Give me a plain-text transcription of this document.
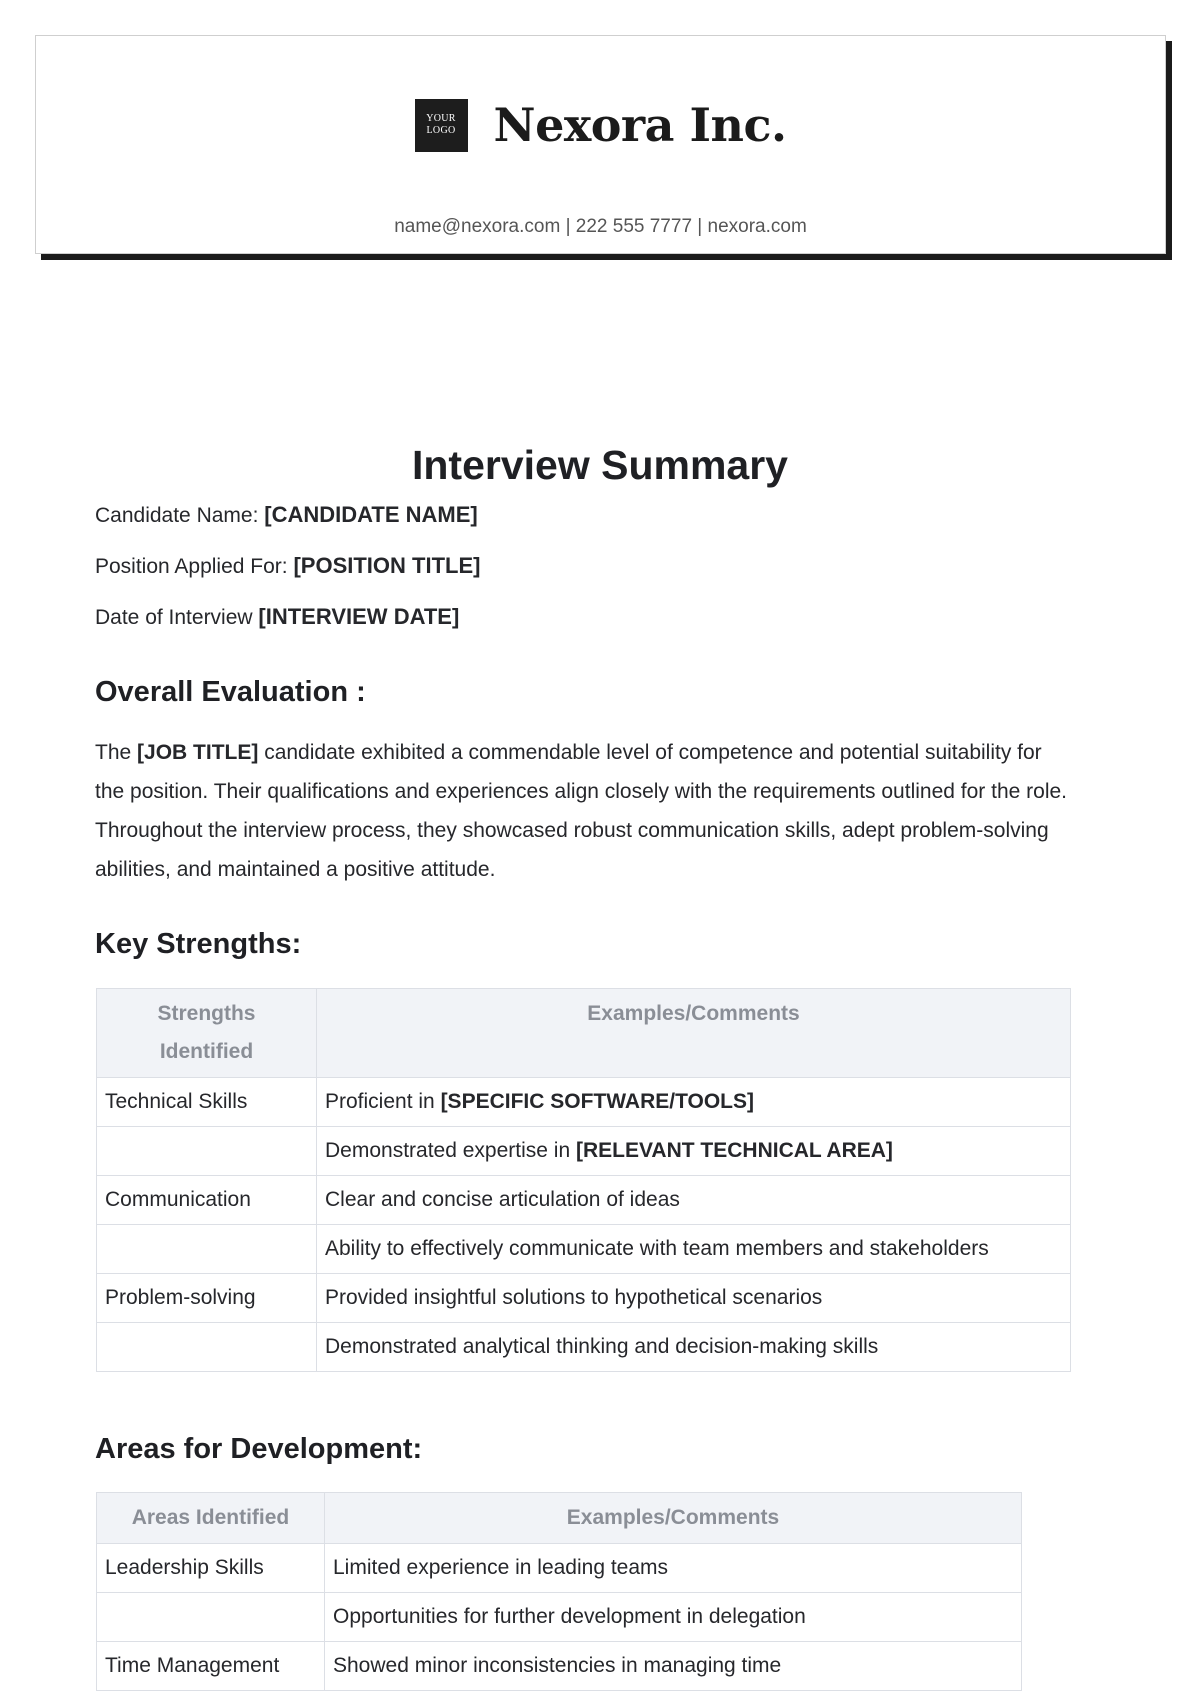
YOUR
LOGO Nexora Inc.
name@nexora.com | 222 555 7777 | nexora.com
Interview Summary
Candidate Name: [CANDIDATE NAME]
Position Applied For: [POSITION TITLE]
Date of Interview [INTERVIEW DATE]
Overall Evaluation :
The [JOB TITLE] candidate exhibited a commendable level of competence and potential suitability for the position. Their qualifications and experiences align closely with the requirements outlined for the role. Throughout the interview process, they showcased robust communication skills, adept problem-solving abilities, and maintained a positive attitude.
Key Strengths:
Strengths
Identified	Examples/Comments
Technical Skills	Proficient in [SPECIFIC SOFTWARE/TOOLS]
	Demonstrated expertise in [RELEVANT TECHNICAL AREA]
Communication	Clear and concise articulation of ideas
	Ability to effectively communicate with team members and stakeholders
Problem-solving	Provided insightful solutions to hypothetical scenarios
	Demonstrated analytical thinking and decision-making skills
Areas for Development:
Areas Identified	Examples/Comments
Leadership Skills	Limited experience in leading teams
	Opportunities for further development in delegation
Time Management	Showed minor inconsistencies in managing time
